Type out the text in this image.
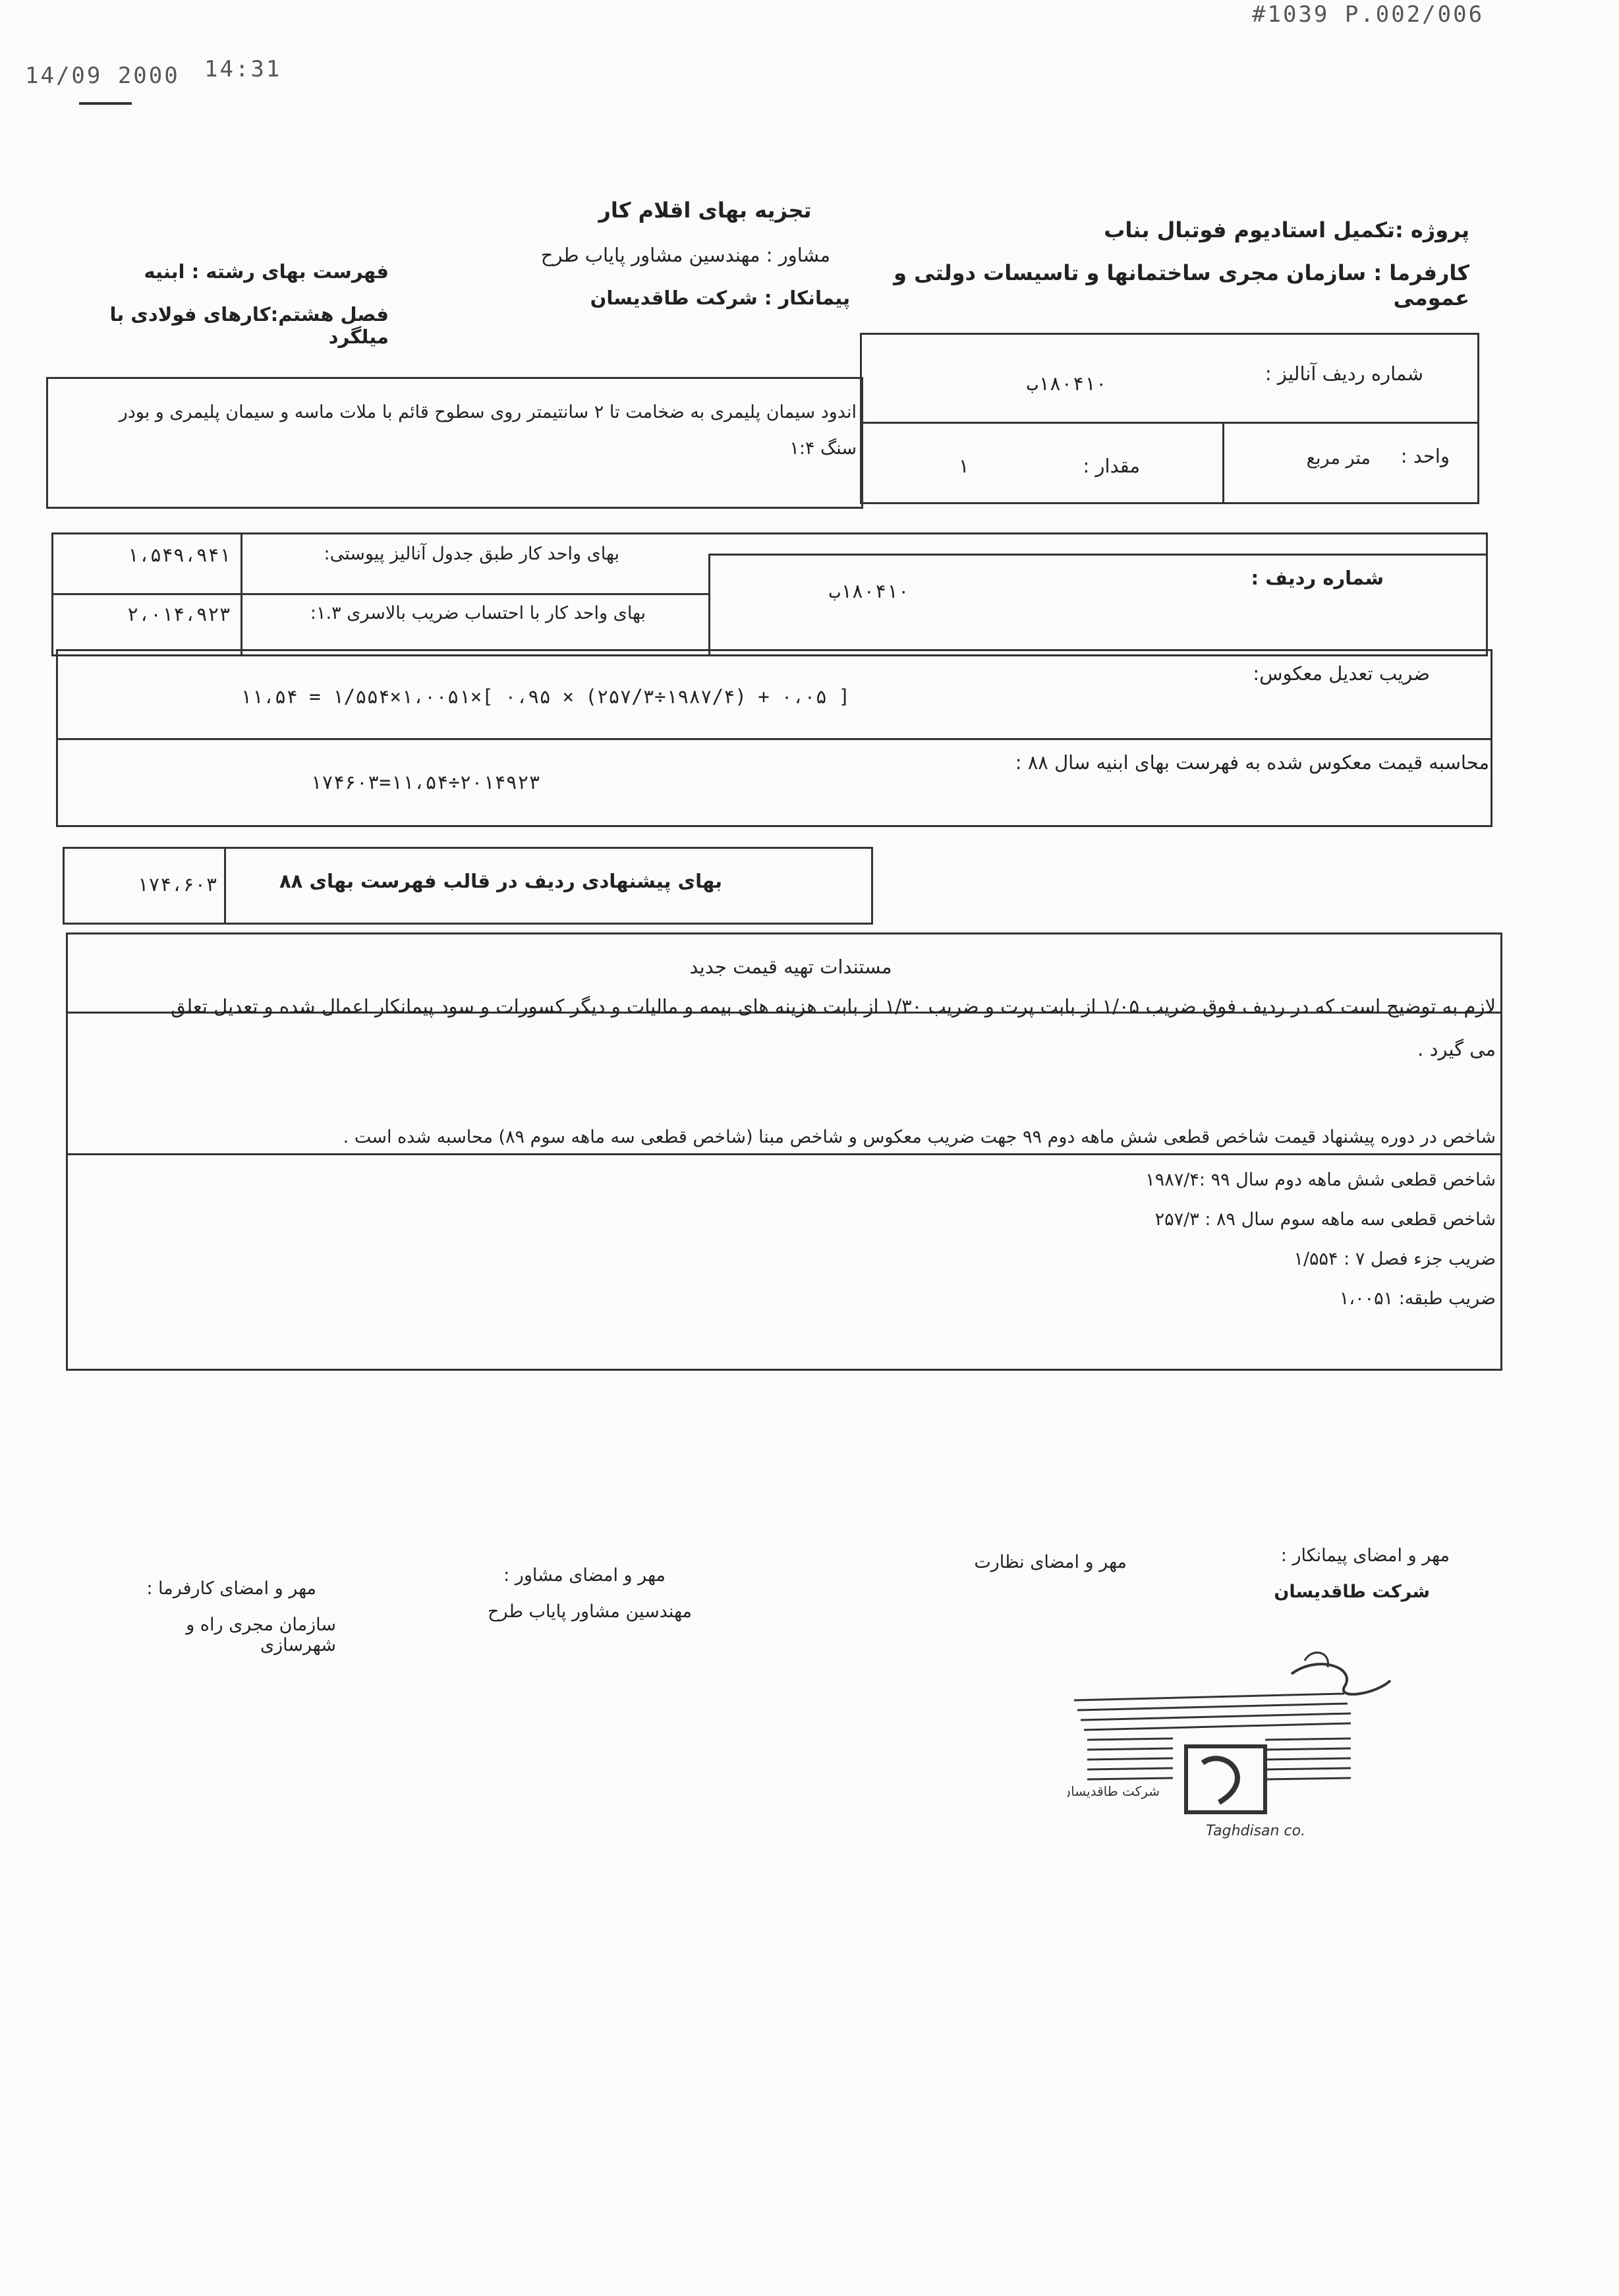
#1039 P.002/006
14/09 2000 14:31
تجزیه بهای اقلام کار
پروژه :تکمیل استادیوم فوتبال بناب
کارفرما : سازمان مجری ساختمانها و تاسیسات دولتی و عمومی
مشاور : مهندسین مشاور پایاب طرح
پیمانکار : شرکت طاقدیسان
فهرست بهای رشته : ابنیه
فصل هشتم:کارهای فولادی با میلگرد
شماره ردیف آنالیز :
۱۸۰۴۱۰ب
واحد :
متر مربع
مقدار :
۱
اندود سیمان پلیمری به ضخامت تا ۲ سانتیمتر روی سطوح قائم با ملات ماسه و سیمان پلیمری و بودر
سنگ ۱:۴
بهای واحد کار طبق جدول آنالیز پیوستی:
۱،۵۴۹،۹۴۱
بهای واحد کار با احتساب ضریب بالاسری ۱.۳:
۲،۰۱۴،۹۲۳
شماره ردیف :
۱۸۰۴۱۰ب
ضریب تعدیل معکوس:
[ ۰،۰۵ + (۱۹۸۷/۴÷۲۵۷/۳) × ۰،۹۵ ]×۱،۰۰۵۱×۱/۵۵۴ = ۱۱،۵۴
محاسبه قیمت معکوس شده به فهرست بهای ابنیه سال ۸۸ :
۲۰۱۴۹۲۳÷۱۱،۵۴=۱۷۴۶۰۳
بهای پیشنهادی ردیف در قالب فهرست بهای ۸۸
۱۷۴،۶۰۳
مستندات تهیه قیمت جدید
لازم به توضیح است که در ردیف فوق ضریب ۱/۰۵ از بابت پرت و ضریب ۱/۳۰ از بابت هزینه های بیمه و مالیات و دیگر کسورات و سود پیمانکار اعمال شده و تعدیل تعلق
می گیرد .
شاخص در دوره پیشنهاد قیمت شاخص قطعی شش ماهه دوم ۹۹ جهت ضریب معکوس و شاخص مبنا (شاخص قطعی سه ماهه سوم ۸۹) محاسبه شده است .
شاخص قطعی شش ماهه دوم سال ۹۹ :۱۹۸۷/۴
شاخص قطعی سه ماهه سوم سال ۸۹ : ۲۵۷/۳
ضریب جزء فصل ۷ : ۱/۵۵۴
ضریب طبقه: ۱،۰۰۵۱
مهر و امضای پیمانکار :
شرکت طاقدیسان
مهر و امضای نظارت
مهر و امضای مشاور :
مهندسین مشاور پایاب طرح
مهر و امضای کارفرما :
سازمان مجری راه و شهرسازی
شرکت طاقدیسان
Taghdisan co.
